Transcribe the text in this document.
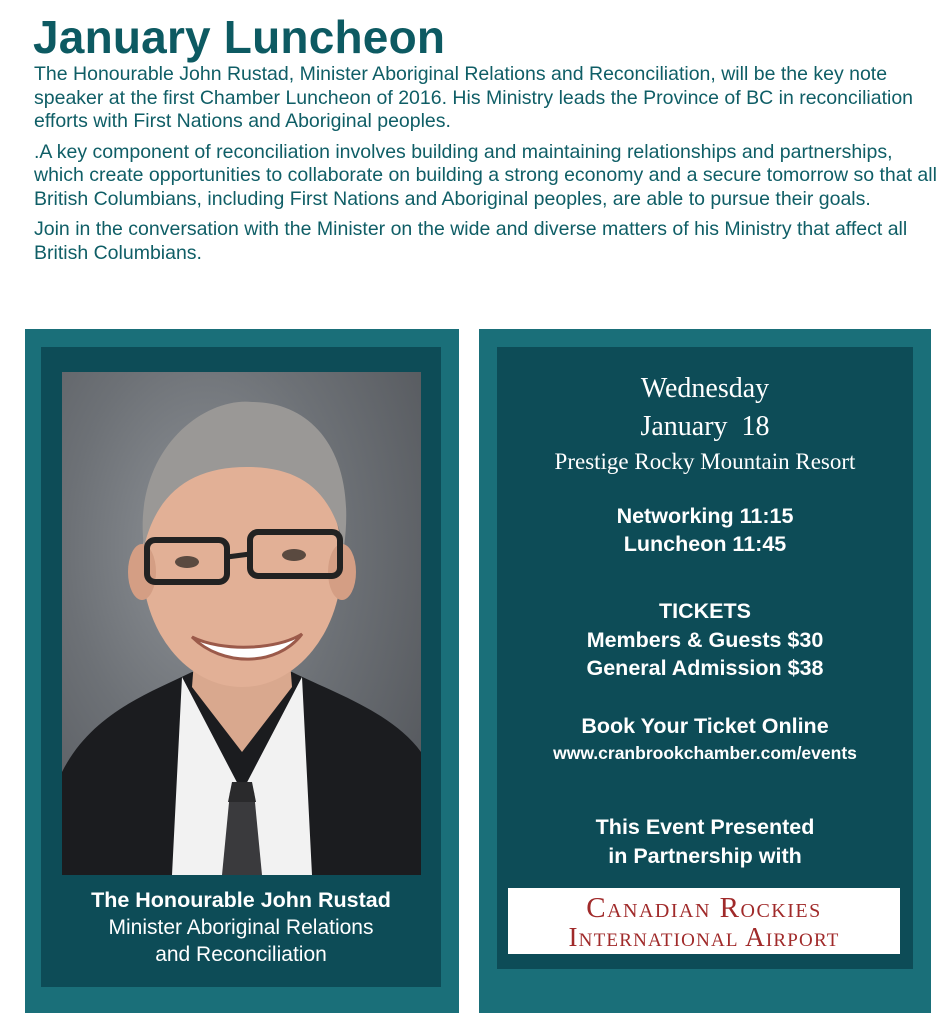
January Luncheon

The Honourable John Rustad, Minister Aboriginal Relations and Reconciliation, will be the key note speaker at the first Chamber Luncheon of 2016. His Ministry leads the Province of BC in reconciliation efforts with First Nations and Aboriginal peoples.

.A key component of reconciliation involves building and maintaining relationships and partnerships, which create opportunities to collaborate on building a strong economy and a secure tomorrow so that all British Columbians, including First Nations and Aboriginal peoples, are able to pursue their goals.

Join in the conversation with the Minister on the wide and diverse matters of his Ministry that affect all British Columbians.

The Honourable John Rustad
Minister Aboriginal Relations
and Reconciliation
Wednesday
January  18
Prestige Rocky Mountain Resort
Networking 11:15
Luncheon 11:45
TICKETS
Members & Guests $30
General Admission $38
Book Your Ticket Online
www.cranbrookchamber.com/events
This Event Presented
in Partnership with
Canadian Rockies
International Airport
